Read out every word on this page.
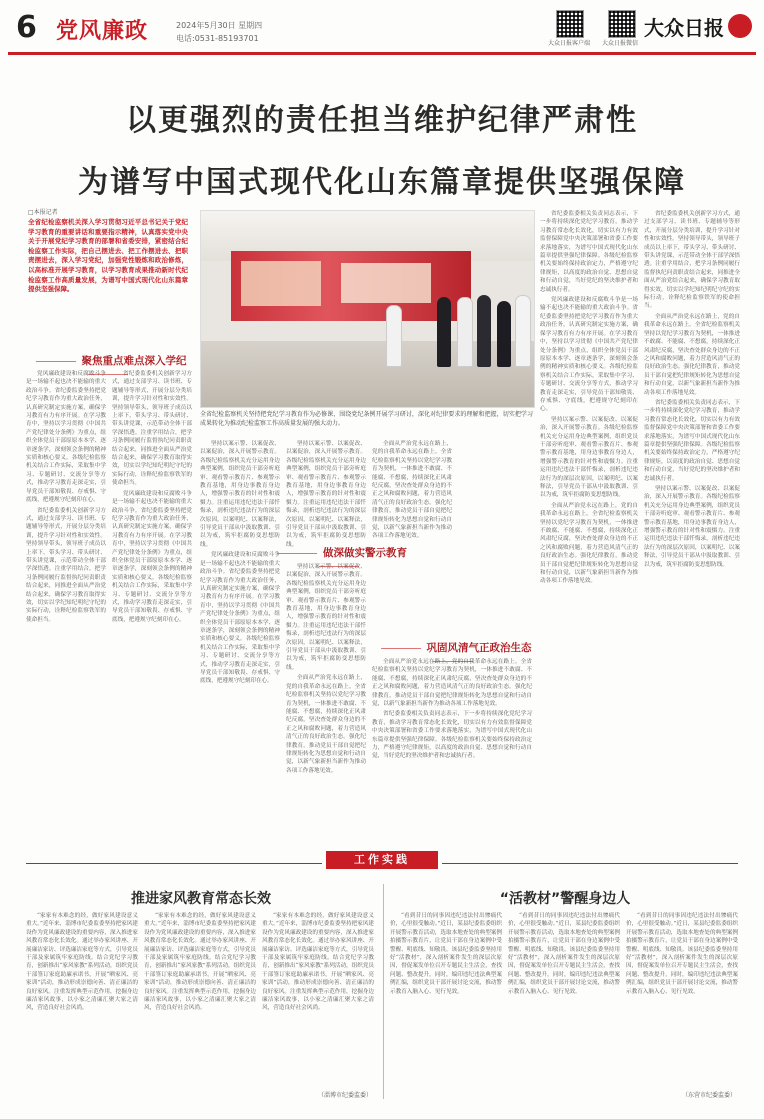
6 党风廉政	2024年5月30日 星期四
电话:0531-85193701
大众日报客户端 大众日报微信
大众日报
以更强烈的责任担当维护纪律严肃性
为谱写中国式现代化山东篇章提供坚强保障
□本报记者
全省纪检监察机关深入学习贯彻习近平总书记关于党纪学习教育的重要讲话和重要指示精神，认真落实党中央关于开展党纪学习教育的部署和省委安排，紧密结合纪检监察工作实际，把自己摆进去、把工作摆进去、把职责摆进去，深入学习党纪，加强党性锻炼和政治修炼，以高标准开展学习教育，以学习教育成果推动新时代纪检监察工作高质量发展，为谱写中国式现代化山东篇章提供坚强保障。
聚焦重点难点深入学纪

党风廉政建设和反腐败斗争是一场输不起也决不能输的重大政治斗争。省纪委监委坚持把党纪学习教育作为重大政治任务，认真研究制定实施方案，确保学习教育有力有序开展。在学习教育中，坚持以学习贯彻《中国共产党纪律处分条例》为重点，组织全体党员干部原原本本学、逐章逐条学，深刻领会条例的精神实质和核心要义。各级纪检监察机关结合工作实际，采取集中学习、专题研讨、交流分享等方式，推动学习教育走深走实，引导党员干部知敬畏、存戒惧、守底线，把遵规守纪刻印在心。

省纪委监委机关创新学习方式，通过支部学习、读书班、专题辅导等形式，开展分层分类培训，提升学习针对性和实效性。坚持领导带头，领导班子成员以上率下，带头学习、带头研讨、带头讲党课，示范带动全体干部学深悟透。注重学用结合，把学习条例同履行监督执纪问责职责结合起来，同推进全面从严治党结合起来，确保学习教育取得实效，切实以学纪知纪明纪守纪的实际行动，诠释纪检监察铁军的使命担当。

省纪委监委机关创新学习方式，通过支部学习、读书班、专题辅导等形式，开展分层分类培训，提升学习针对性和实效性。坚持领导带头，领导班子成员以上率下，带头学习、带头研讨、带头讲党课，示范带动全体干部学深悟透。注重学用结合，把学习条例同履行监督执纪问责职责结合起来，同推进全面从严治党结合起来，确保学习教育取得实效，切实以学纪知纪明纪守纪的实际行动，诠释纪检监察铁军的使命担当。

党风廉政建设和反腐败斗争是一场输不起也决不能输的重大政治斗争。省纪委监委坚持把党纪学习教育作为重大政治任务，认真研究制定实施方案，确保学习教育有力有序开展。在学习教育中，坚持以学习贯彻《中国共产党纪律处分条例》为重点，组织全体党员干部原原本本学、逐章逐条学，深刻领会条例的精神实质和核心要义。各级纪检监察机关结合工作实际，采取集中学习、专题研讨、交流分享等方式，推动学习教育走深走实，引导党员干部知敬畏、存戒惧、守底线，把遵规守纪刻印在心。

全省纪检监察机关坚持把党纪学习教育作为必修课，围绕党纪条例开展学习研讨，深化对纪律要求的理解和把握，切实把学习成果转化为推动纪检监察工作高质量发展的强大动力。

坚持以案示警、以案促改、以案促治，深入开展警示教育。各级纪检监察机关充分运用身边典型案例，组织党员干部旁听庭审、观看警示教育片、参观警示教育基地，用身边事教育身边人，增强警示教育的针对性和震慑力。注重运用违纪违法干部忏悔录，剖析违纪违法行为的深层次原因，以案明纪、以案释法，引导党员干部从中汲取教训、引以为戒，筑牢拒腐防变思想防线。

党风廉政建设和反腐败斗争是一场输不起也决不能输的重大政治斗争。省纪委监委坚持把党纪学习教育作为重大政治任务，认真研究制定实施方案，确保学习教育有力有序开展。在学习教育中，坚持以学习贯彻《中国共产党纪律处分条例》为重点，组织全体党员干部原原本本学、逐章逐条学，深刻领会条例的精神实质和核心要义。各级纪检监察机关结合工作实际，采取集中学习、专题研讨、交流分享等方式，推动学习教育走深走实，引导党员干部知敬畏、存戒惧、守底线，把遵规守纪刻印在心。

坚持以案示警、以案促改、以案促治，深入开展警示教育。各级纪检监察机关充分运用身边典型案例，组织党员干部旁听庭审、观看警示教育片、参观警示教育基地，用身边事教育身边人，增强警示教育的针对性和震慑力。注重运用违纪违法干部忏悔录，剖析违纪违法行为的深层次原因，以案明纪、以案释法，引导党员干部从中汲取教训、引以为戒，筑牢拒腐防变思想防线。

做深做实警示教育

坚持以案示警、以案促改、以案促治，深入开展警示教育。各级纪检监察机关充分运用身边典型案例，组织党员干部旁听庭审、观看警示教育片、参观警示教育基地，用身边事教育身边人，增强警示教育的针对性和震慑力。注重运用违纪违法干部忏悔录，剖析违纪违法行为的深层次原因，以案明纪、以案释法，引导党员干部从中汲取教训、引以为戒，筑牢拒腐防变思想防线。

全面从严治党永远在路上，党的自我革命永远在路上。全省纪检监察机关坚持以党纪学习教育为契机，一体推进不敢腐、不能腐、不想腐，持续深化正风肃纪反腐，坚决查处群众身边的不正之风和腐败问题，着力营造风清气正的良好政治生态。强化纪律教育，推动党员干部自觉把纪律规矩转化为思想自觉和行动自觉，以新气象新担当新作为推动各项工作落地见效。

全面从严治党永远在路上，党的自我革命永远在路上。全省纪检监察机关坚持以党纪学习教育为契机，一体推进不敢腐、不能腐、不想腐，持续深化正风肃纪反腐，坚决查处群众身边的不正之风和腐败问题，着力营造风清气正的良好政治生态。强化纪律教育，推动党员干部自觉把纪律规矩转化为思想自觉和行动自觉，以新气象新担当新作为推动各项工作落地见效。

巩固风清气正政治生态

全面从严治党永远在路上，党的自我革命永远在路上。全省纪检监察机关坚持以党纪学习教育为契机，一体推进不敢腐、不能腐、不想腐，持续深化正风肃纪反腐，坚决查处群众身边的不正之风和腐败问题，着力营造风清气正的良好政治生态。强化纪律教育，推动党员干部自觉把纪律规矩转化为思想自觉和行动自觉，以新气象新担当新作为推动各项工作落地见效。

省纪委监委相关负责同志表示，下一步将持续深化党纪学习教育，推动学习教育常态化长效化，切实以有力有效监督保障党中央决策部署和省委工作要求落地落实，为谱写中国式现代化山东篇章提供坚强纪律保障。各级纪检监察机关要始终保持政治定力，严格遵守纪律规矩，以高度的政治自觉、思想自觉和行动自觉，当好党纪的坚决维护者和忠诚执行者。

省纪委监委相关负责同志表示，下一步将持续深化党纪学习教育，推动学习教育常态化长效化，切实以有力有效监督保障党中央决策部署和省委工作要求落地落实，为谱写中国式现代化山东篇章提供坚强纪律保障。各级纪检监察机关要始终保持政治定力，严格遵守纪律规矩，以高度的政治自觉、思想自觉和行动自觉，当好党纪的坚决维护者和忠诚执行者。

党风廉政建设和反腐败斗争是一场输不起也决不能输的重大政治斗争。省纪委监委坚持把党纪学习教育作为重大政治任务，认真研究制定实施方案，确保学习教育有力有序开展。在学习教育中，坚持以学习贯彻《中国共产党纪律处分条例》为重点，组织全体党员干部原原本本学、逐章逐条学，深刻领会条例的精神实质和核心要义。各级纪检监察机关结合工作实际，采取集中学习、专题研讨、交流分享等方式，推动学习教育走深走实，引导党员干部知敬畏、存戒惧、守底线，把遵规守纪刻印在心。

坚持以案示警、以案促改、以案促治，深入开展警示教育。各级纪检监察机关充分运用身边典型案例，组织党员干部旁听庭审、观看警示教育片、参观警示教育基地，用身边事教育身边人，增强警示教育的针对性和震慑力。注重运用违纪违法干部忏悔录，剖析违纪违法行为的深层次原因，以案明纪、以案释法，引导党员干部从中汲取教训、引以为戒，筑牢拒腐防变思想防线。

全面从严治党永远在路上，党的自我革命永远在路上。全省纪检监察机关坚持以党纪学习教育为契机，一体推进不敢腐、不能腐、不想腐，持续深化正风肃纪反腐，坚决查处群众身边的不正之风和腐败问题，着力营造风清气正的良好政治生态。强化纪律教育，推动党员干部自觉把纪律规矩转化为思想自觉和行动自觉，以新气象新担当新作为推动各项工作落地见效。

省纪委监委机关创新学习方式，通过支部学习、读书班、专题辅导等形式，开展分层分类培训，提升学习针对性和实效性。坚持领导带头，领导班子成员以上率下，带头学习、带头研讨、带头讲党课，示范带动全体干部学深悟透。注重学用结合，把学习条例同履行监督执纪问责职责结合起来，同推进全面从严治党结合起来，确保学习教育取得实效，切实以学纪知纪明纪守纪的实际行动，诠释纪检监察铁军的使命担当。

全面从严治党永远在路上，党的自我革命永远在路上。全省纪检监察机关坚持以党纪学习教育为契机，一体推进不敢腐、不能腐、不想腐，持续深化正风肃纪反腐，坚决查处群众身边的不正之风和腐败问题，着力营造风清气正的良好政治生态。强化纪律教育，推动党员干部自觉把纪律规矩转化为思想自觉和行动自觉，以新气象新担当新作为推动各项工作落地见效。

省纪委监委相关负责同志表示，下一步将持续深化党纪学习教育，推动学习教育常态化长效化，切实以有力有效监督保障党中央决策部署和省委工作要求落地落实，为谱写中国式现代化山东篇章提供坚强纪律保障。各级纪检监察机关要始终保持政治定力，严格遵守纪律规矩，以高度的政治自觉、思想自觉和行动自觉，当好党纪的坚决维护者和忠诚执行者。

坚持以案示警、以案促改、以案促治，深入开展警示教育。各级纪检监察机关充分运用身边典型案例，组织党员干部旁听庭审、观看警示教育片、参观警示教育基地，用身边事教育身边人，增强警示教育的针对性和震慑力。注重运用违纪违法干部忏悔录，剖析违纪违法行为的深层次原因，以案明纪、以案释法，引导党员干部从中汲取教训、引以为戒，筑牢拒腐防变思想防线。

工作实践
推进家风教育常态长效

“家家有本难念的经，做好家风建设意义重大。”近年来，淄博市纪委监委坚持把家风建设作为党风廉政建设的重要内容，深入推进家风教育常态化长效化。通过举办家风讲座、开展廉洁家访、评选廉洁家庭等方式，引导党员干部及家属筑牢家庭防线。结合党纪学习教育，创新推出“家风家教”系列活动，组织党员干部签订家庭助廉承诺书，开展“晒家风、亮家训”活动，推动形成崇德向善、清正廉洁的良好家风。注重发挥典型示范作用，挖掘身边廉洁家风故事，以小家之清廉汇聚大家之清风，营造良好社会风尚。

“家家有本难念的经，做好家风建设意义重大。”近年来，淄博市纪委监委坚持把家风建设作为党风廉政建设的重要内容，深入推进家风教育常态化长效化。通过举办家风讲座、开展廉洁家访、评选廉洁家庭等方式，引导党员干部及家属筑牢家庭防线。结合党纪学习教育，创新推出“家风家教”系列活动，组织党员干部签订家庭助廉承诺书，开展“晒家风、亮家训”活动，推动形成崇德向善、清正廉洁的良好家风。注重发挥典型示范作用，挖掘身边廉洁家风故事，以小家之清廉汇聚大家之清风，营造良好社会风尚。

“家家有本难念的经，做好家风建设意义重大。”近年来，淄博市纪委监委坚持把家风建设作为党风廉政建设的重要内容，深入推进家风教育常态化长效化。通过举办家风讲座、开展廉洁家访、评选廉洁家庭等方式，引导党员干部及家属筑牢家庭防线。结合党纪学习教育，创新推出“家风家教”系列活动，组织党员干部签订家庭助廉承诺书，开展“晒家风、亮家训”活动，推动形成崇德向善、清正廉洁的良好家风。注重发挥典型示范作用，挖掘身边廉洁家风故事，以小家之清廉汇聚大家之清风，营造良好社会风尚。

（淄博市纪委监委）
“活教材”警醒身边人

“看到昔日的同事因违纪违法付出惨痛代价，心里很受触动。”近日，某县纪委监委组织开展警示教育活动，选取本地查处的典型案例拍摄警示教育片，让党员干部在身边案例中受警醒、明底线、知敬畏。该县纪委监委坚持用好“活教材”，深入剖析案件发生的深层次原因，督促案发单位召开专题民主生活会，查找问题、整改提升。同时，编印违纪违法典型案例汇编，组织党员干部开展讨论交流，推动警示教育入脑入心、见行见效。

“看到昔日的同事因违纪违法付出惨痛代价，心里很受触动。”近日，某县纪委监委组织开展警示教育活动，选取本地查处的典型案例拍摄警示教育片，让党员干部在身边案例中受警醒、明底线、知敬畏。该县纪委监委坚持用好“活教材”，深入剖析案件发生的深层次原因，督促案发单位召开专题民主生活会，查找问题、整改提升。同时，编印违纪违法典型案例汇编，组织党员干部开展讨论交流，推动警示教育入脑入心、见行见效。

“看到昔日的同事因违纪违法付出惨痛代价，心里很受触动。”近日，某县纪委监委组织开展警示教育活动，选取本地查处的典型案例拍摄警示教育片，让党员干部在身边案例中受警醒、明底线、知敬畏。该县纪委监委坚持用好“活教材”，深入剖析案件发生的深层次原因，督促案发单位召开专题民主生活会，查找问题、整改提升。同时，编印违纪违法典型案例汇编，组织党员干部开展讨论交流，推动警示教育入脑入心、见行见效。

（东营市纪委监委）
